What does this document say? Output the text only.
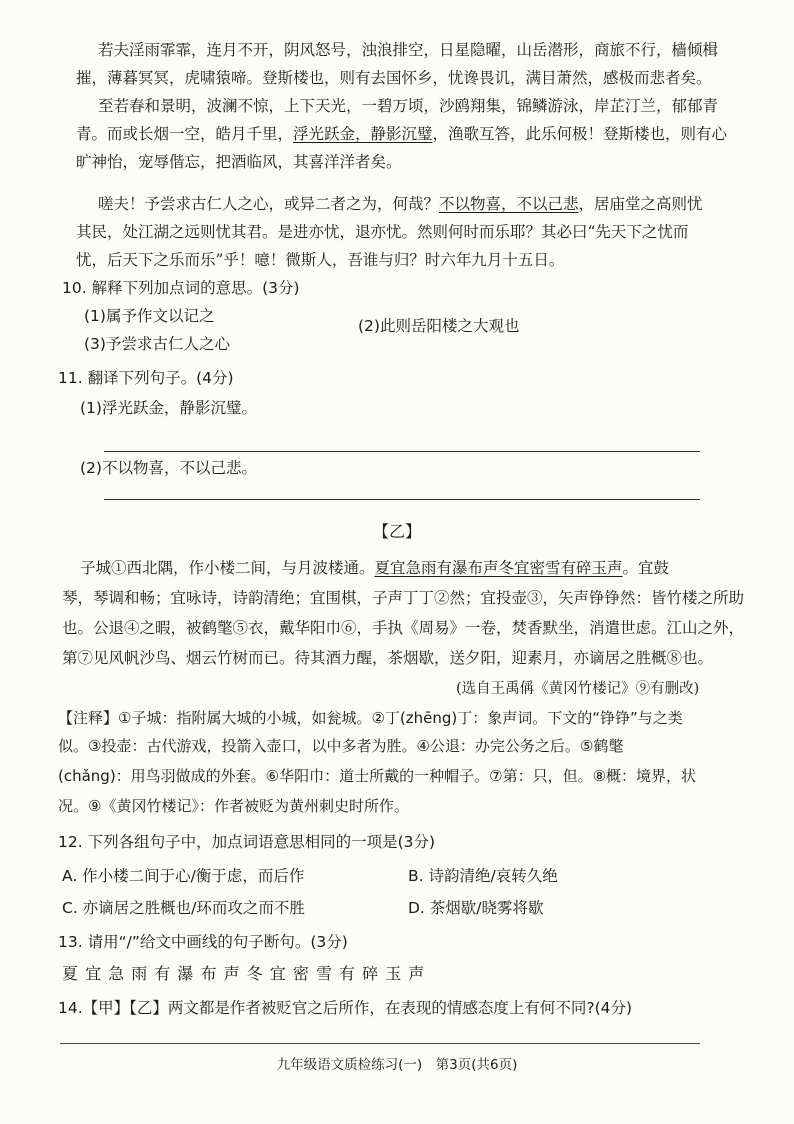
若夫淫雨霏霏，连月不开，阴风怒号，浊浪排空，日星隐曜，山岳潜形，商旅不行，樯倾楫
摧，薄暮冥冥，虎啸猿啼。登斯楼也，则有去国怀乡，忧谗畏讥，满目萧然，感极而悲者矣。
至若春和景明，波澜不惊，上下天光，一碧万顷，沙鸥翔集，锦鳞游泳，岸芷汀兰，郁郁青
青。而或长烟一空，皓月千里，浮光跃金，静影沉璧，渔歌互答，此乐何极！登斯楼也，则有心
旷神怡，宠辱偕忘，把酒临风，其喜洋洋者矣。
嗟夫！予尝求古仁人之心，或异二者之为，何哉？不以物喜，不以己悲，居庙堂之高则忧
其民，处江湖之远则忧其君。是进亦忧，退亦忧。然则何时而乐耶？其必曰“先天下之忧而
忧，后天下之乐而乐”乎！噫！微斯人，吾谁与归？时六年九月十五日。
10. 解释下列加点词的意思。(3分)
(1)属予作文以记之
(2)此则岳阳楼之大观也
(3)予尝求古仁人之心
11. 翻译下列句子。(4分)
(1)浮光跃金，静影沉璧。
(2)不以物喜，不以己悲。
【乙】
子城①西北隅，作小楼二间，与月波楼通。夏宜急雨有瀑布声冬宜密雪有碎玉声。宜鼓
琴，琴调和畅；宜咏诗，诗韵清绝；宜围棋，子声丁丁②然；宜投壶③，矢声铮铮然：皆竹楼之所助
也。公退④之暇，被鹤氅⑤衣，戴华阳巾⑥，手执《周易》一卷，焚香默坐，消遣世虑。江山之外，
第⑦见风帆沙鸟、烟云竹树而已。待其酒力醒，茶烟歇，送夕阳，迎素月，亦谪居之胜概⑧也。
(选自王禹偁《黄冈竹楼记》⑨有删改)
【注释】①子城：指附属大城的小城，如瓮城。②丁(zhēng)丁：象声词。下文的“铮铮”与之类
似。③投壶：古代游戏，投箭入壶口，以中多者为胜。④公退：办完公务之后。⑤鹤氅
(chǎng)：用鸟羽做成的外套。⑥华阳巾：道士所戴的一种帽子。⑦第：只，但。⑧概：境界，状
况。⑨《黄冈竹楼记》：作者被贬为黄州刺史时所作。
12. 下列各组句子中，加点词语意思相同的一项是(3分)
A. 作小楼二间于心/衡于虑，而后作	B. 诗韵清绝/哀转久绝
C. 亦谪居之胜概也/环而攻之而不胜	D. 茶烟歇/晓雾将歇
13. 请用“/”给文中画线的句子断句。(3分)
夏 宜 急 雨 有 瀑 布 声 冬 宜 密 雪 有 碎 玉 声
14.【甲】【乙】两文都是作者被贬官之后所作，在表现的情感态度上有何不同?(4分)
九年级语文质检练习(一)　第3页(共6页)
